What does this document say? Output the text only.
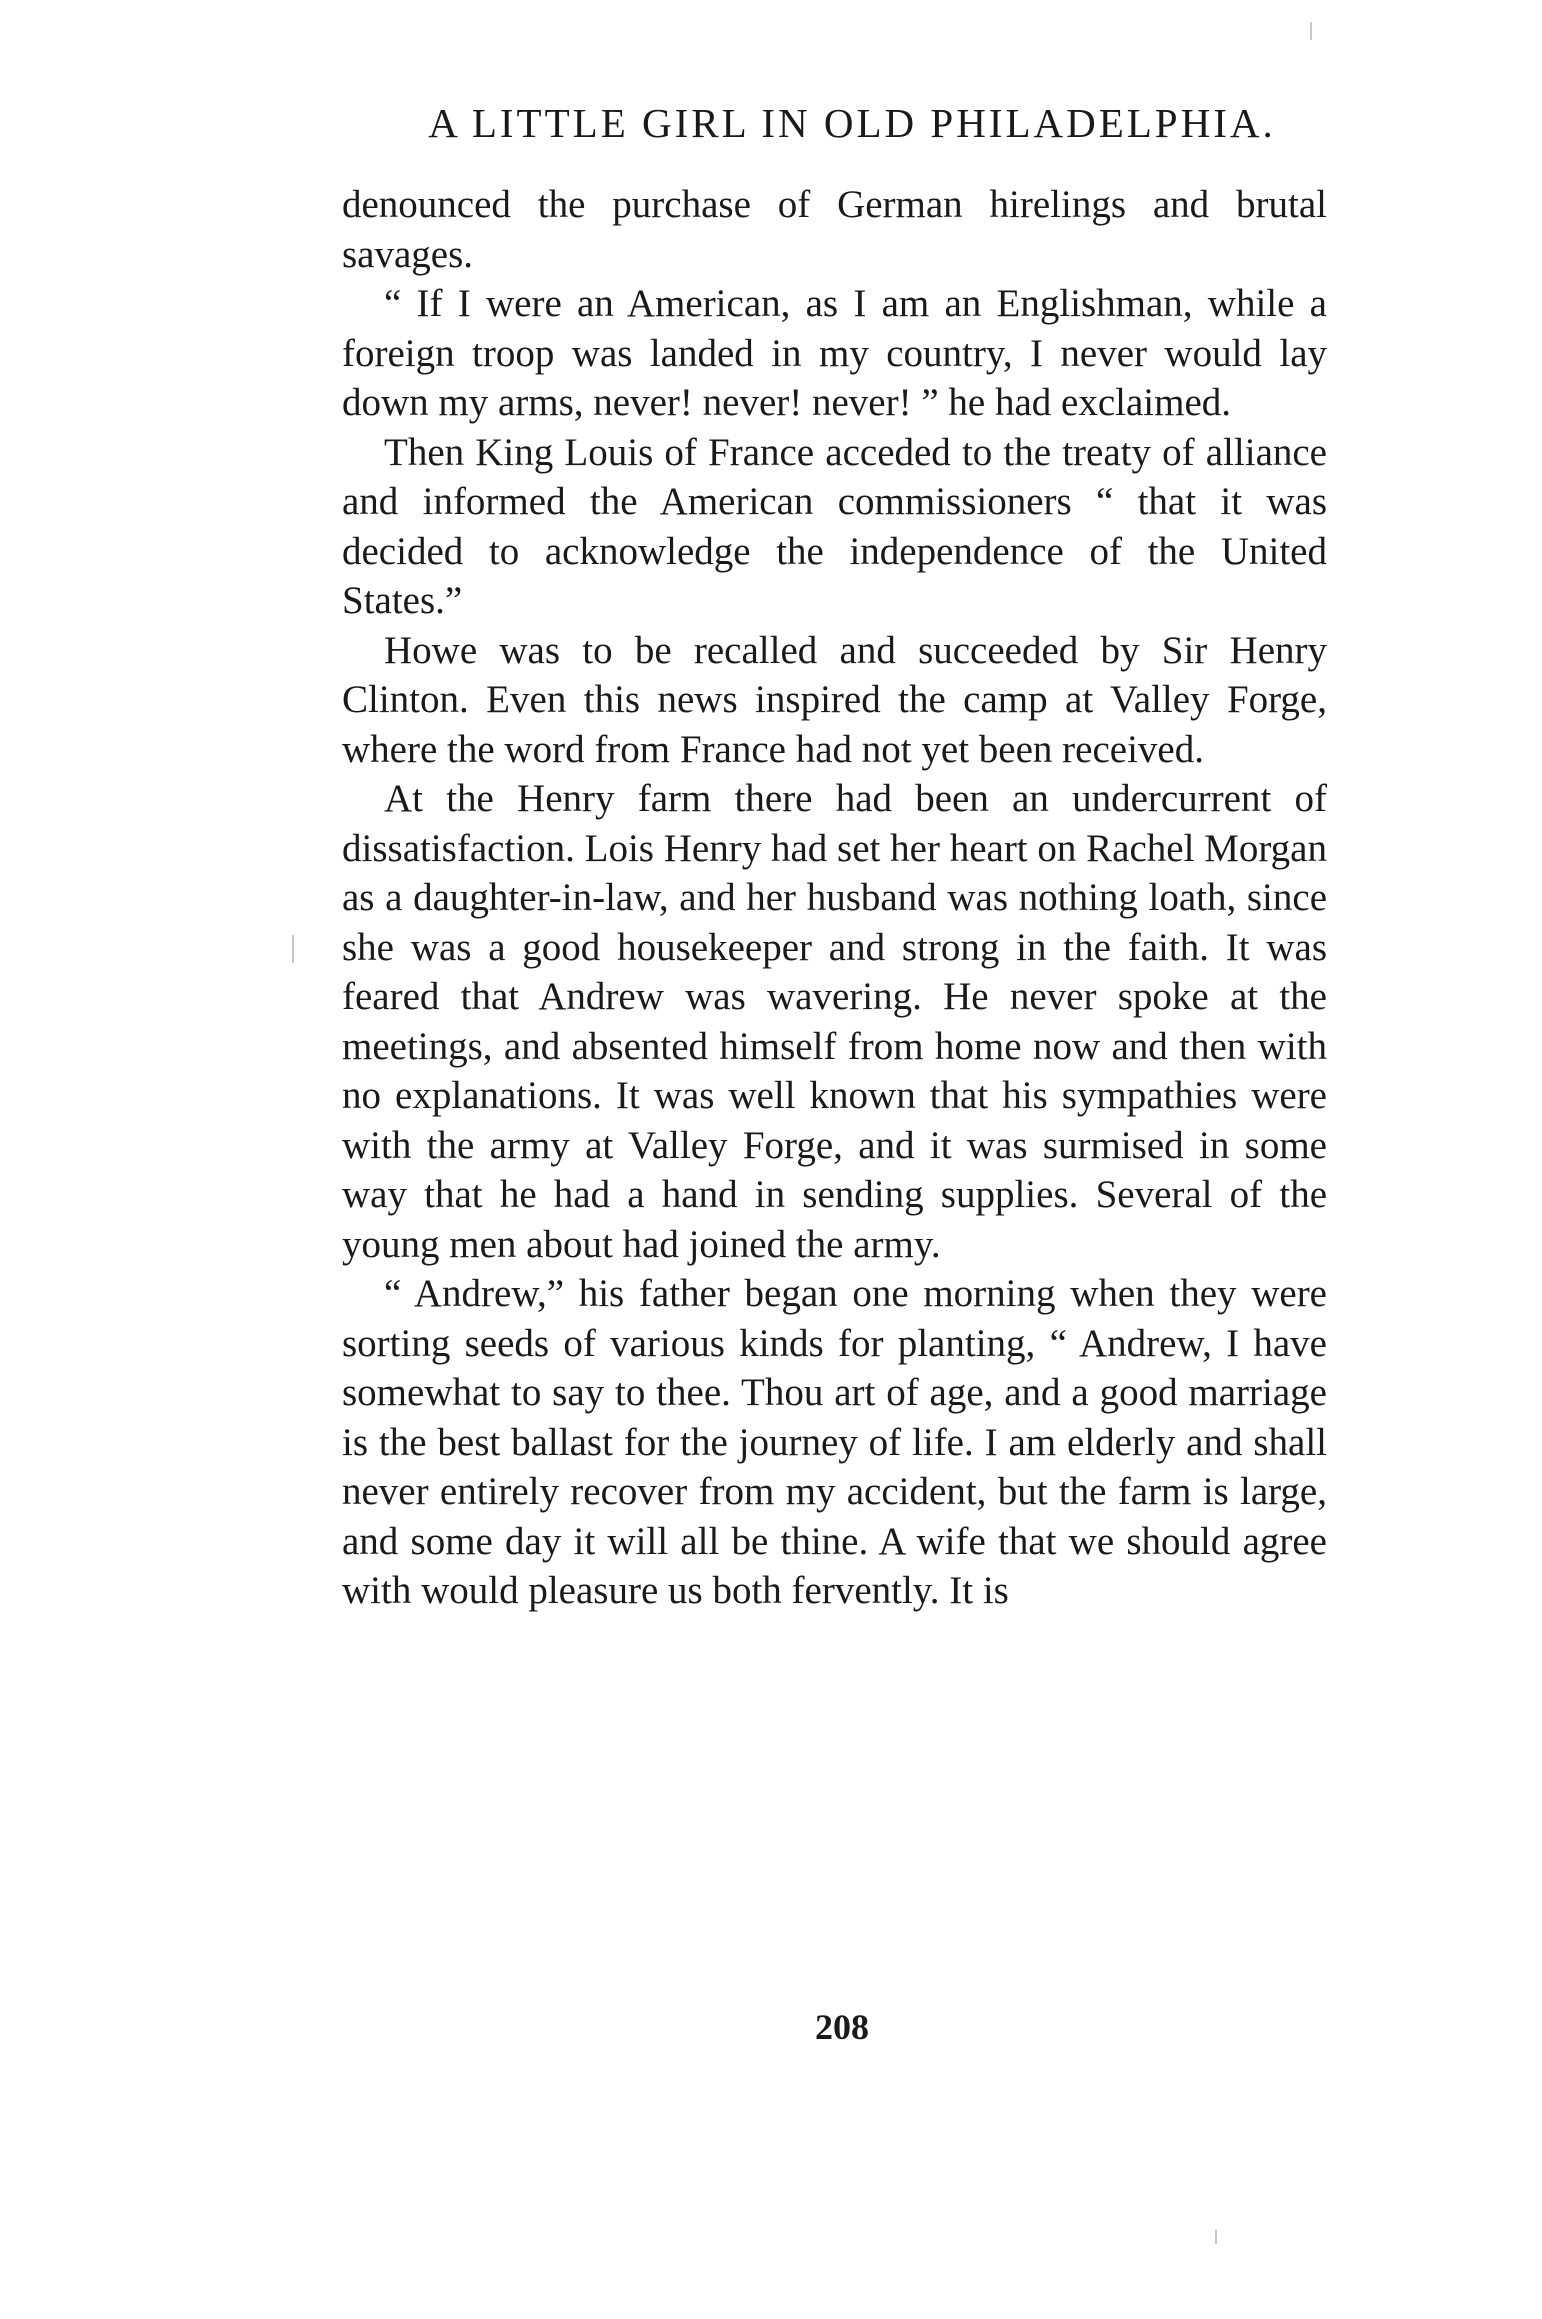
A LITTLE GIRL IN OLD PHILADELPHIA.

denounced the purchase of German hirelings and brutal savages.

“ If I were an American, as I am an Englishman, while a foreign troop was landed in my country, I never would lay down my arms, never! never! never! ” he had exclaimed.

Then King Louis of France acceded to the treaty of alliance and informed the American commissioners “ that it was decided to acknowledge the independence of the United States.”

Howe was to be recalled and succeeded by Sir Henry Clinton. Even this news inspired the camp at Valley Forge, where the word from France had not yet been received.

At the Henry farm there had been an undercurrent of dissatisfaction. Lois Henry had set her heart on Rachel Morgan as a daughter-in-law, and her husband was nothing loath, since she was a good housekeeper and strong in the faith. It was feared that Andrew was wavering. He never spoke at the meetings, and absented himself from home now and then with no explanations. It was well known that his sympathies were with the army at Valley Forge, and it was surmised in some way that he had a hand in sending supplies. Several of the young men about had joined the army.

“ Andrew,” his father began one morning when they were sorting seeds of various kinds for planting, “ Andrew, I have somewhat to say to thee. Thou art of age, and a good marriage is the best ballast for the journey of life. I am elderly and shall never entirely recover from my accident, but the farm is large, and some day it will all be thine. A wife that we should agree with would pleasure us both fervently. It is

208
